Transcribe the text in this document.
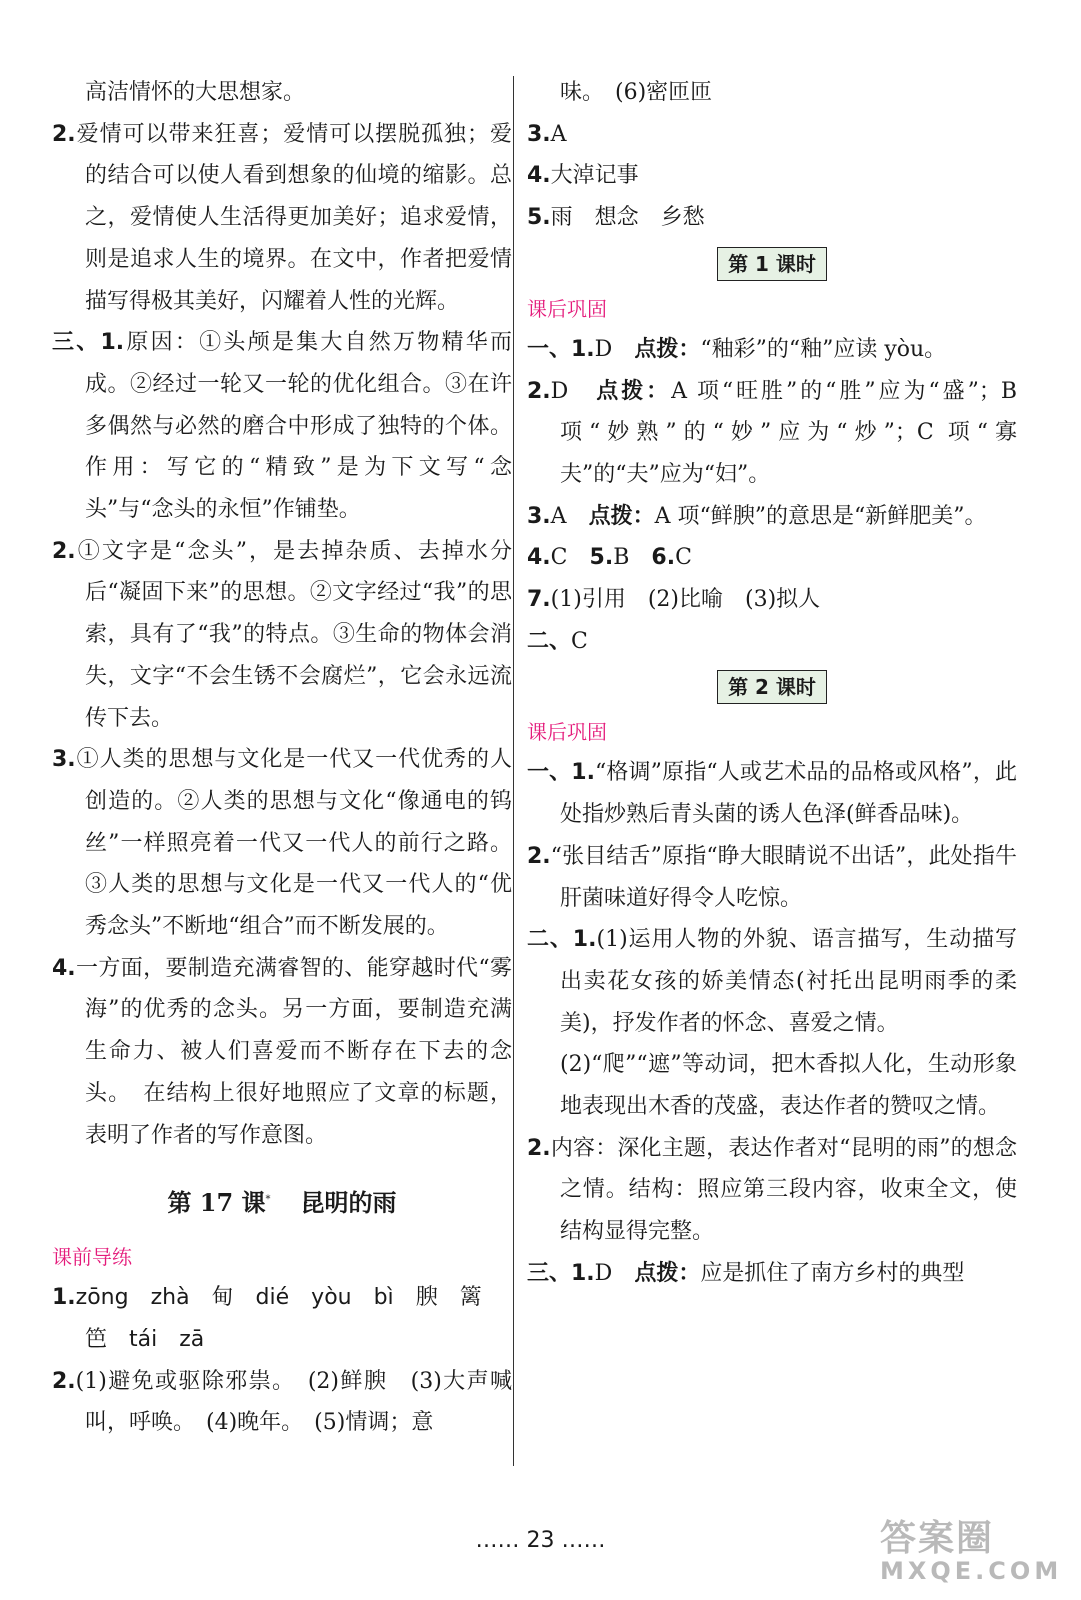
高洁情怀的大思想家。
2.爱情可以带来狂喜；爱情可以摆脱孤独；爱的结合可以使人看到想象的仙境的缩影。总之，爱情使人生活得更加美好；追求爱情，则是追求人生的境界。在文中，作者把爱情描写得极其美好，闪耀着人性的光辉。
三、1.原因：①头颅是集大自然万物精华而成。②经过一轮又一轮的优化组合。③在许多偶然与必然的磨合中形成了独特的个体。作用：写它的“精致”是为下文写“念头”与“念头的永恒”作铺垫。
2.①文字是“念头”，是去掉杂质、去掉水分后“凝固下来”的思想。②文字经过“我”的思索，具有了“我”的特点。③生命的物体会消失，文字“不会生锈不会腐烂”，它会永远流传下去。
3.①人类的思想与文化是一代又一代优秀的人创造的。②人类的思想与文化“像通电的钨丝”一样照亮着一代又一代人的前行之路。③人类的思想与文化是一代又一代人的“优秀念头”不断地“组合”而不断发展的。
4.一方面，要制造充满睿智的、能穿越时代“雾海”的优秀的念头。另一方面，要制造充满生命力、被人们喜爱而不断存在下去的念头。　在结构上很好地照应了文章的标题，表明了作者的写作意图。
第 17 课* 昆明的雨
课前导练
1.zōng　zhà　甸　dié　yòu　bì　腴　篱
笆　tái　zā
2.(1)避免或驱除邪祟。　(2)鲜腴　(3)大声喊叫，呼唤。　(4)晚年。　(5)情调；意
味。　(6)密匝匝
3.A
4.大淖记事
5.雨　想念　乡愁
第 1 课时
课后巩固
一、1.D　 点拨：“釉彩”的“釉”应读 yòu。
2.D　 点拨：A 项“旺胜”的“胜”应为“盛”；B 项“妙熟”的“妙”应为“炒”；C 项“寡夫”的“夫”应为“妇”。
3.A　 点拨：A 项“鲜腴”的意思是“新鲜肥美”。
4.C　 5.B　 6.C
7.(1)引用　(2)比喻　(3)拟人
二、C
第 2 课时
课后巩固
一、1.“格调”原指“人或艺术品的品格或风格”，此处指炒熟后青头菌的诱人色泽(鲜香品味)。
2.“张目结舌”原指“睁大眼睛说不出话”，此处指牛肝菌味道好得令人吃惊。
二、1.(1)运用人物的外貌、语言描写，生动描写出卖花女孩的娇美情态(衬托出昆明雨季的柔美)，抒发作者的怀念、喜爱之情。
(2)“爬”“遮”等动词，把木香拟人化，生动形象地表现出木香的茂盛，表达作者的赞叹之情。
2.内容：深化主题，表达作者对“昆明的雨”的想念之情。结构：照应第三段内容，收束全文，使结构显得完整。
三、1.D　 点拨：应是抓住了南方乡村的典型
…… 23 ……	答案圈
MXQE.COM
